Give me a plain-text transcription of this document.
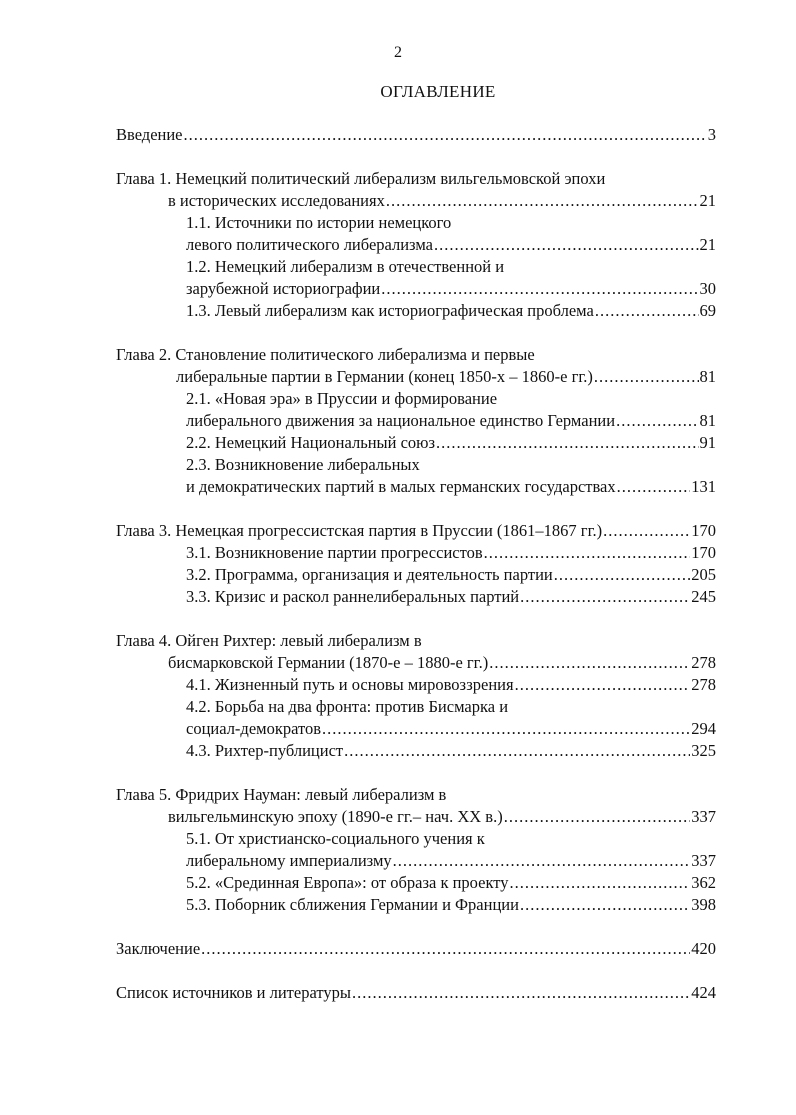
2
ОГЛАВЛЕНИЕ
Введение .....	3
Глава 1. Немецкий политический либерализм вильгельмовской эпохи
в исторических исследованиях .....	21
1.1. Источники по истории немецкого
левого политического либерализма .....	21
1.2. Немецкий либерализм в отечественной и
зарубежной историографии .....	30
1.3. Левый либерализм как историографическая проблема .....	69
Глава 2. Становление политического либерализма и первые
либеральные партии в Германии (конец 1850-х – 1860-е гг.) .....	81
2.1. «Новая эра» в Пруссии и формирование
либерального движения за национальное единство Германии .....	81
2.2. Немецкий Национальный союз .....	91
2.3. Возникновение либеральных
и демократических партий в малых германских государствах .....	131
Глава 3. Немецкая прогрессистская партия в Пруссии (1861–1867 гг.) .....	170
3.1. Возникновение партии прогрессистов .....	170
3.2. Программа, организация и деятельность партии .....	205
3.3. Кризис и раскол раннелиберальных партий .....	245
Глава 4. Ойген Рихтер: левый либерализм в
бисмарковской Германии (1870-е – 1880-е гг.) .....	278
4.1. Жизненный путь и основы мировоззрения .....	278
4.2. Борьба на два фронта: против Бисмарка и
социал-демократов .....	294
4.3. Рихтер-публицист .....	325
Глава 5. Фридрих Науман: левый либерализм в
вильгельминскую эпоху (1890-е гг.– нач. XX в.) .....	337
5.1. От христианско-социального учения к
либеральному империализму .....	337
5.2. «Срединная Европа»: от образа к проекту .....	362
5.3. Поборник сближения Германии и Франции .....	398
Заключение .....	420
Список источников и литературы .....	424
